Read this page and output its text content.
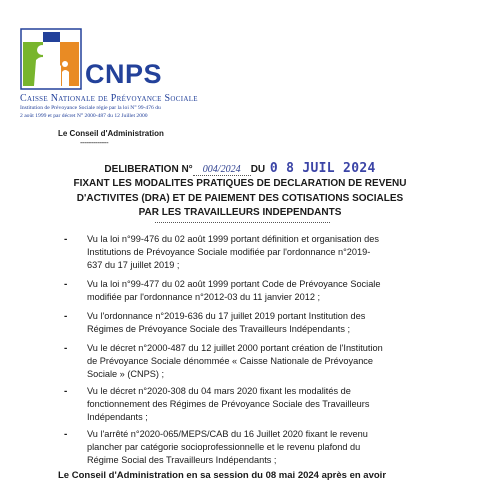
CNPS
Caisse Nationale de Prévoyance Sociale
Institution de Prévoyance Sociale régie par la loi N° 99-476 du
2 août 1999 et par décret N° 2000-487 du 12 Juillet 2000
Le Conseil d'Administration
-------------
DELIBERATION N° 004/2024 DU 0 8 JUIL 2024
FIXANT LES MODALITES PRATIQUES DE DECLARATION DE REVENU
D'ACTIVITES (DRA) ET DE PAIEMENT DES COTISATIONS SOCIALES
PAR LES TRAVAILLEURS INDEPENDANTS
- Vu la loi n°99-476 du 02 août 1999 portant définition et organisation des
Institutions de Prévoyance Sociale modifiée par l'ordonnance n°2019-
637 du 17 juillet 2019 ;
- Vu la loi n°99-477 du 02 août 1999 portant Code de Prévoyance Sociale
modifiée par l'ordonnance n°2012-03 du 11 janvier 2012 ;
- Vu l'ordonnance n°2019-636 du 17 juillet 2019 portant Institution des
Régimes de Prévoyance Sociale des Travailleurs Indépendants ;
- Vu le décret n°2000-487 du 12 juillet 2000 portant création de l'Institution
de Prévoyance Sociale dénommée « Caisse Nationale de Prévoyance
Sociale » (CNPS) ;
- Vu le décret n°2020-308 du 04 mars 2020 fixant les modalités de
fonctionnement des Régimes de Prévoyance Sociale des Travailleurs
Indépendants ;
- Vu l'arrêté n°2020-065/MEPS/CAB du 16 Juillet 2020 fixant le revenu
plancher par catégorie socioprofessionnelle et le revenu plafond du
Régime Social des Travailleurs Indépendants ;
Le Conseil d'Administration en sa session du 08 mai 2024 après en avoir
